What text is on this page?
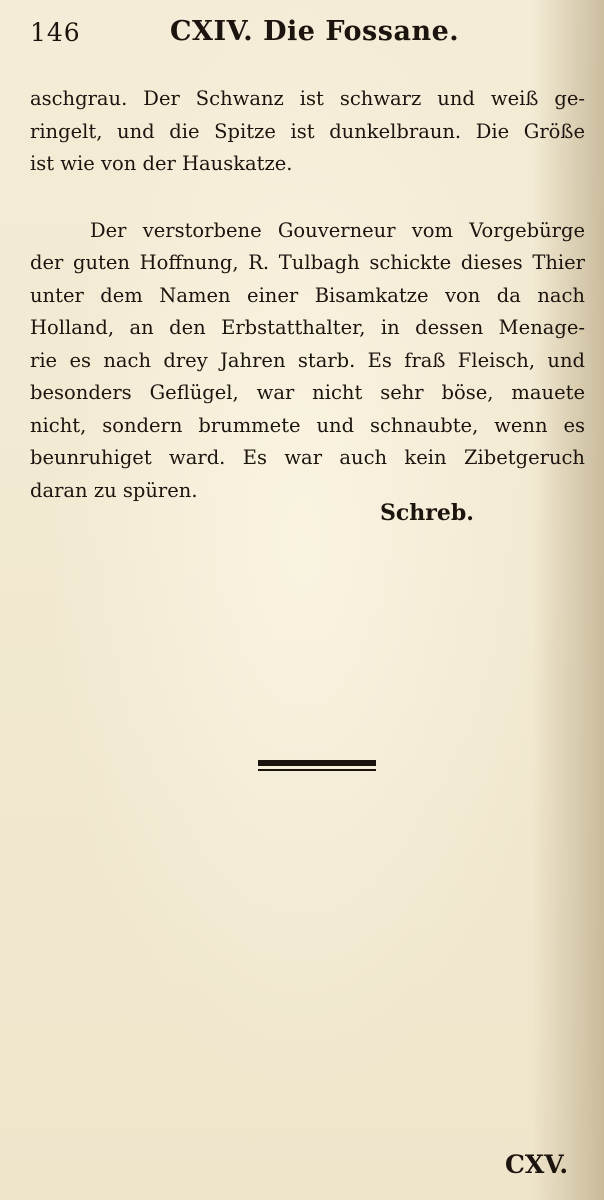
146	CXIV. Die Fossane.
aschgrau. Der Schwanz ist schwarz und weiß ge-
ringelt, und die Spitze ist dunkelbraun. Die Größe
ist wie von der Hauskatze.
Der verstorbene Gouverneur vom Vorgebürge
der guten Hoffnung, R. Tulbagh schickte dieses Thier
unter dem Namen einer Bisamkatze von da nach
Holland, an den Erbstatthalter, in dessen Menage-
rie es nach drey Jahren starb. Es fraß Fleisch, und
besonders Geflügel, war nicht sehr böse, mauete
nicht, sondern brummete und schnaubte, wenn es
beunruhiget ward. Es war auch kein Zibetgeruch
daran zu spüren.
Schreb.
CXV.
